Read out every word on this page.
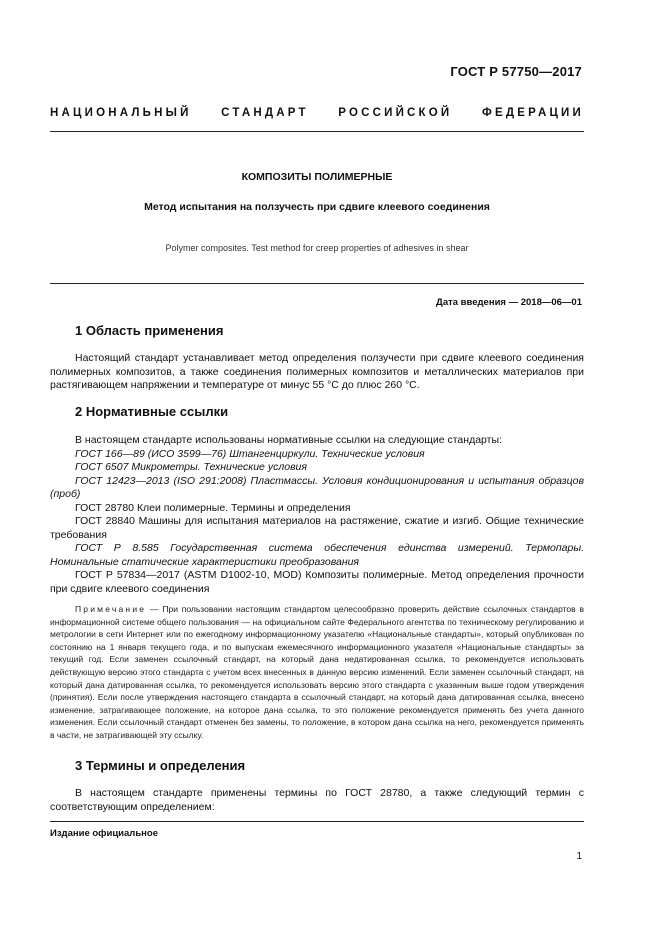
ГОСТ Р 57750—2017
НАЦИОНАЛЬНЫЙ СТАНДАРТ РОССИЙСКОЙ ФЕДЕРАЦИИ
КОМПОЗИТЫ ПОЛИМЕРНЫЕ
Метод испытания на ползучесть при сдвиге клеевого соединения
Polymer composites. Test method for creep properties of adhesives in shear
Дата введения — 2018—06—01
1 Область применения
Настоящий стандарт устанавливает метод определения ползучести при сдвиге клеевого соединения полимерных композитов, а также соединения полимерных композитов и металлических материалов при растягивающем напряжении и температуре от минус 55 °C до плюс 260 °C.
2 Нормативные ссылки
В настоящем стандарте использованы нормативные ссылки на следующие стандарты:
ГОСТ 166—89 (ИСО 3599—76) Штангенциркули. Технические условия
ГОСТ 6507 Микрометры. Технические условия
ГОСТ 12423—2013 (ISO 291:2008) Пластмассы. Условия кондиционирования и испытания образцов (проб)
ГОСТ 28780 Клеи полимерные. Термины и определения
ГОСТ 28840 Машины для испытания материалов на растяжение, сжатие и изгиб. Общие технические требования
ГОСТ Р 8.585 Государственная система обеспечения единства измерений. Термопары. Номинальные статические характеристики преобразования
ГОСТ Р 57834—2017 (ASTM D1002-10, MOD) Композиты полимерные. Метод определения прочности при сдвиге клеевого соединения
Примечание — При пользовании настоящим стандартом целесообразно проверить действие ссылочных стандартов в информационной системе общего пользования — на официальном сайте Федерального агентства по техническому регулированию и метрологии в сети Интернет или по ежегодному информационному указателю «Национальные стандарты», который опубликован по состоянию на 1 января текущего года, и по выпускам ежемесячного информационного указателя «Национальные стандарты» за текущий год. Если заменен ссылочный стандарт, на который дана недатированная ссылка, то рекомендуется использовать действующую версию этого стандарта с учетом всех внесенных в данную версию изменений. Если заменен ссылочный стандарт, на который дана датированная ссылка, то рекомендуется использовать версию этого стандарта с указанным выше годом утверждения (принятия). Если после утверждения настоящего стандарта в ссылочный стандарт, на который дана датированная ссылка, внесено изменение, затрагивающее положение, на которое дана ссылка, то это положение рекомендуется применять без учета данного изменения. Если ссылочный стандарт отменен без замены, то положение, в котором дана ссылка на него, рекомендуется применять в части, не затрагивающей эту ссылку.
3 Термины и определения
В настоящем стандарте применены термины по ГОСТ 28780, а также следующий термин с соответствующим определением:
Издание официальное
1
